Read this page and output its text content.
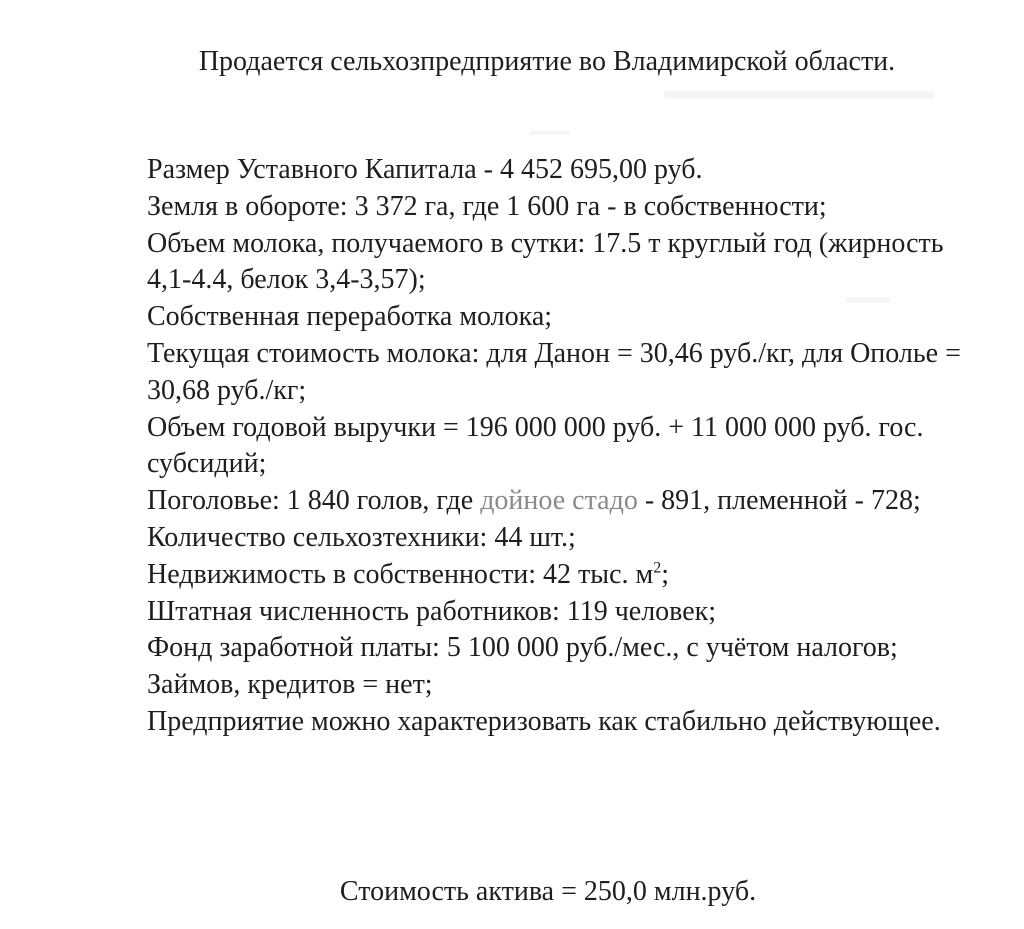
Продается сельхозпредприятие во Владимирской области.

Размер Уставного Капитала - 4 452 695,00 руб.

Земля в обороте: 3 372 га, где 1 600 га - в собственности;

Объем молока, получаемого в сутки: 17.5 т круглый год (жирность 4,1-4.4, белок 3,4-3,57);

Собственная переработка молока;

Текущая стоимость молока: для Данон = 30,46 руб./кг, для Ополье = 30,68 руб./кг;

Объем годовой выручки = 196 000 000 руб. + 11 000 000 руб. гос. субсидий;

Поголовье: 1 840 голов, где дойное стадо - 891, племенной - 728;

Количество сельхозтехники: 44 шт.;

Недвижимость в собственности: 42 тыс. $м^2$;

Штатная численность работников: 119 человек;

Фонд заработной платы: 5 100 000 руб./мес., с учётом налогов;

Займов, кредитов = нет;

Предприятие можно характеризовать как стабильно действующее.

Стоимость актива = 250,0 млн.руб.
